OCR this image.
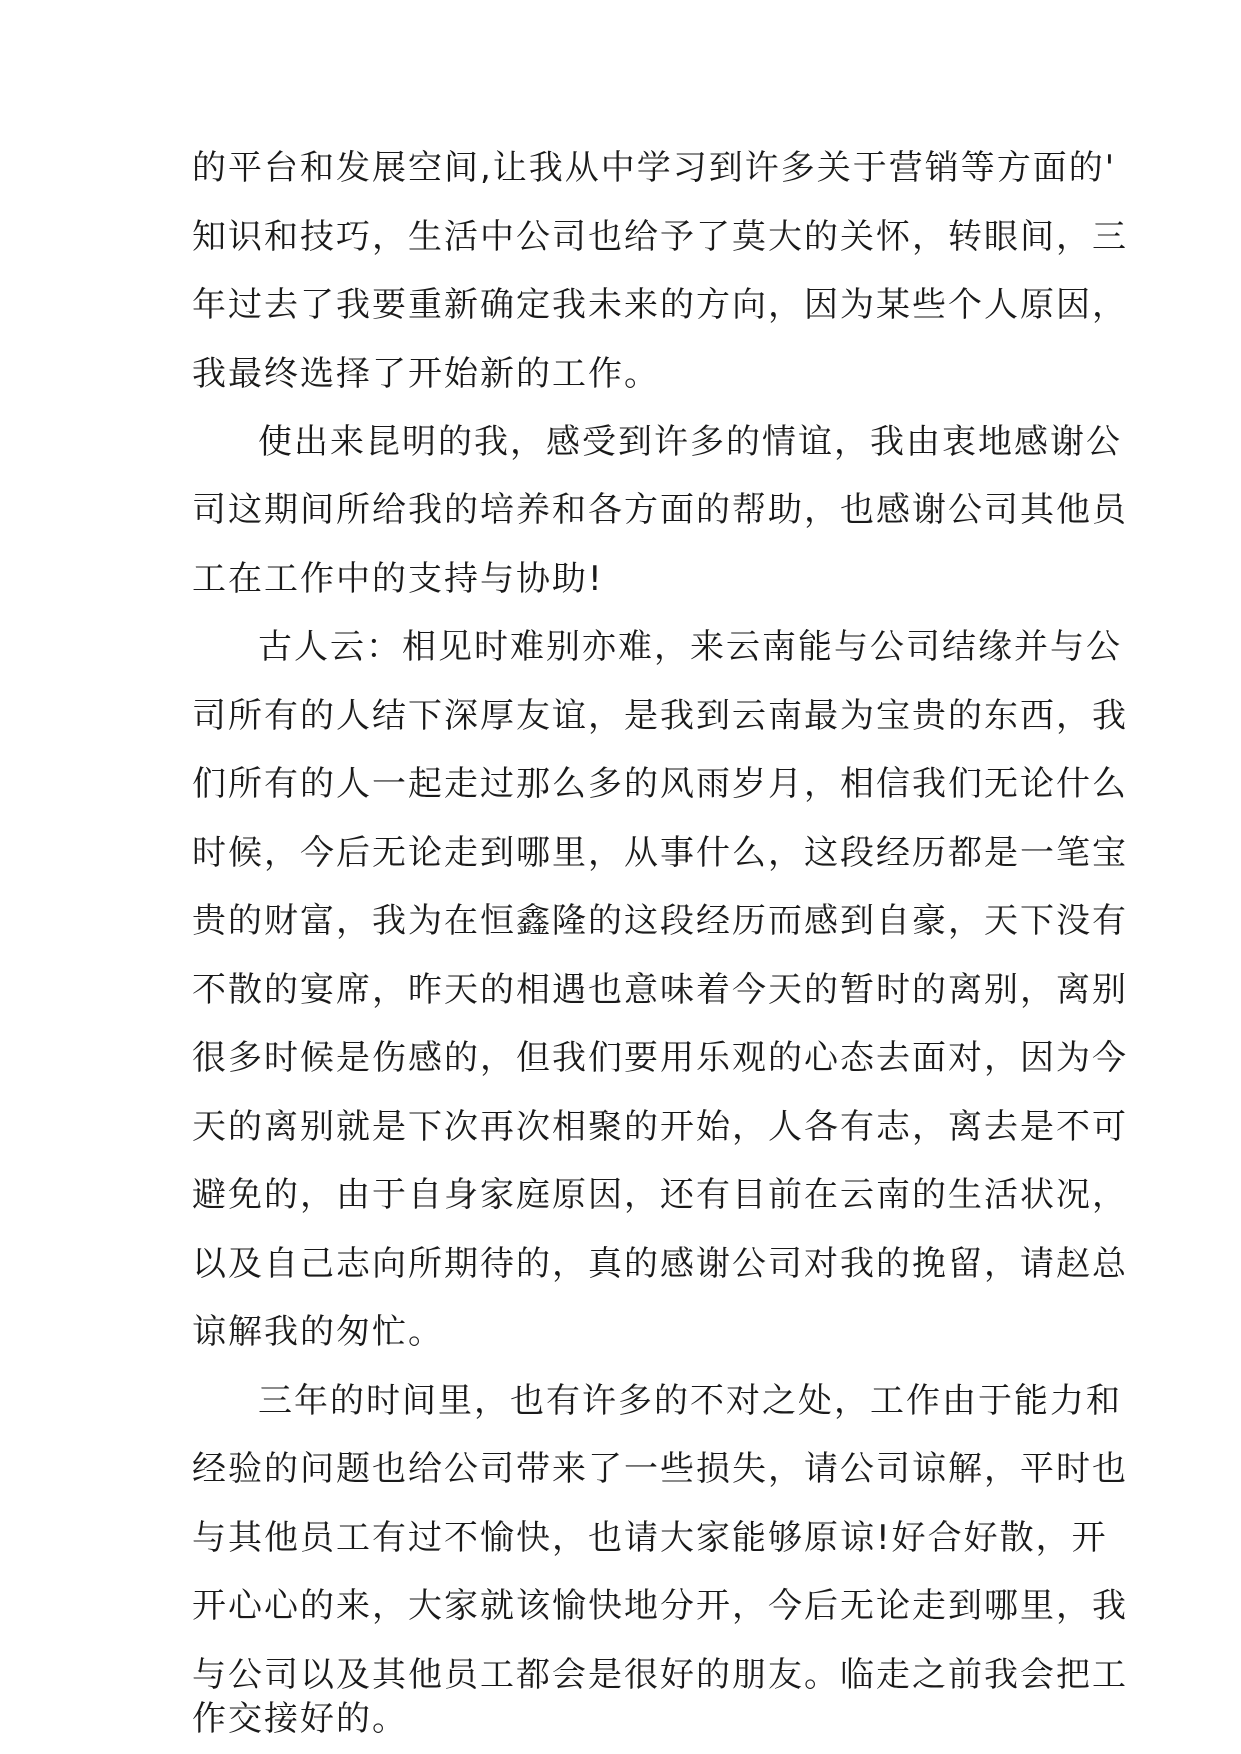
的平台和发展空间,让我从中学习到许多关于营销等方面的'
知识和技巧，生活中公司也给予了莫大的关怀，转眼间，三
年过去了我要重新确定我未来的方向，因为某些个人原因，
我最终选择了开始新的工作。
使出来昆明的我，感受到许多的情谊，我由衷地感谢公
司这期间所给我的培养和各方面的帮助，也感谢公司其他员
工在工作中的支持与协助!
古人云：相见时难别亦难，来云南能与公司结缘并与公
司所有的人结下深厚友谊，是我到云南最为宝贵的东西，我
们所有的人一起走过那么多的风雨岁月，相信我们无论什么
时候，今后无论走到哪里，从事什么，这段经历都是一笔宝
贵的财富，我为在恒鑫隆的这段经历而感到自豪，天下没有
不散的宴席，昨天的相遇也意味着今天的暂时的离别，离别
很多时候是伤感的，但我们要用乐观的心态去面对，因为今
天的离别就是下次再次相聚的开始，人各有志，离去是不可
避免的，由于自身家庭原因，还有目前在云南的生活状况，
以及自己志向所期待的，真的感谢公司对我的挽留，请赵总
谅解我的匆忙。
三年的时间里，也有许多的不对之处，工作由于能力和
经验的问题也给公司带来了一些损失，请公司谅解，平时也
与其他员工有过不愉快，也请大家能够原谅!好合好散，开
开心心的来，大家就该愉快地分开，今后无论走到哪里，我
与公司以及其他员工都会是很好的朋友。临走之前我会把工
作交接好的。
